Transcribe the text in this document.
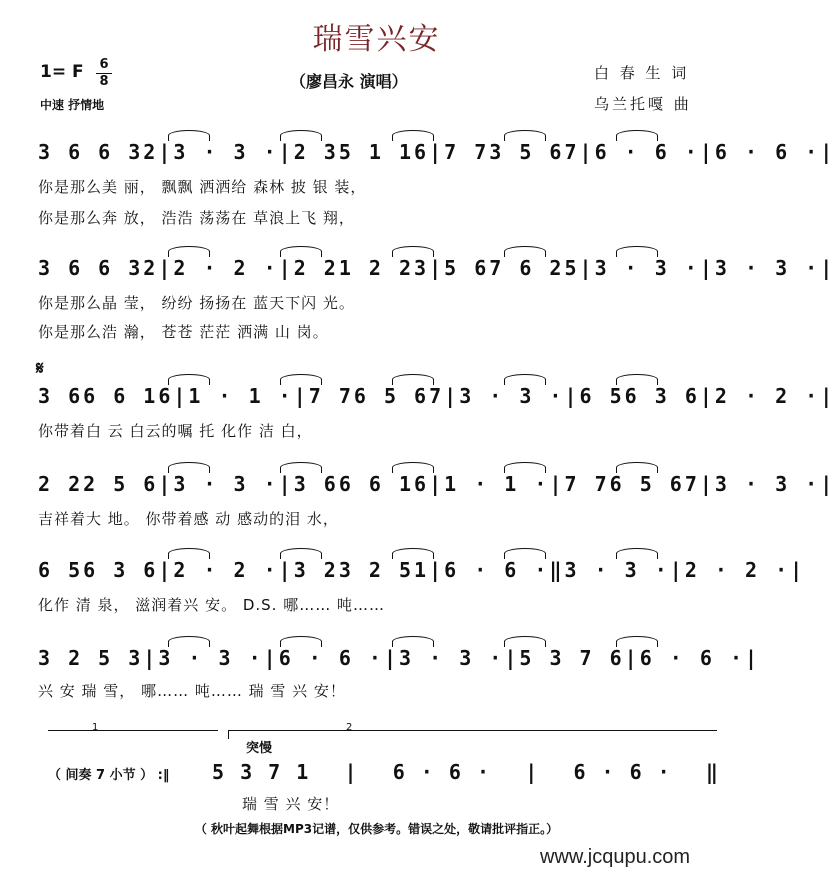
瑞雪兴安
（廖昌永 演唱）
1= F 6
8
中速 抒情地
白 春 生 词
乌兰托嘎 曲
3 6 6 32 | 3 · 3 · | 2 35 1 16 | 7 73 5 67 | 6 · 6 · | 6 · 6 · |
你是那么美 丽， 飘飘 洒洒给 森林 披 银 装，
你是那么奔 放， 浩浩 荡荡在 草浪上飞 翔，
3 6 6 32 | 2 · 2 · | 2 21 2 23 | 5 67 6 25 | 3 · 3 · | 3 · 3 · |
你是那么晶 莹， 纷纷 扬扬在 蓝天下闪 光。
你是那么浩 瀚， 苍苍 茫茫 洒满 山 岗。
3 66 6 16 | 1 · 1 · | 7 76 5 67 | 3 · 3 · | 6 56 3 6 | 2 · 2 · |
你带着白 云 白云的嘱 托 化作 洁 白，
2 22 5 6 | 3 · 3 · | 3 66 6 16 | 1 · 1 · | 7 76 5 67 | 3 · 3 · |
吉祥着大 地。 你带着感 动 感动的泪 水，
6 56 3 6 | 2 · 2 · | 3 23 2 51 | 6 · 6 · ‖ 3 · 3 · | 2 · 2 · |
化作 清 泉， 滋润着兴 安。 D.S. 哪…… 吨……
3 2 5 3 | 3 · 3 · | 6 · 6 · | 3 · 3 · | 5 3 7 6 | 6 · 6 · |
兴 安 瑞 雪， 哪…… 吨…… 瑞 雪 兴 安！
𝄋
1	2
突慢
（ 间奏 7 小节 ） :‖ 5 3 7 1 | 6 · 6 · | 6 · 6 · ‖
瑞 雪 兴 安！
（ 秋叶起舞根据MP3记谱，仅供参考。错误之处，敬请批评指正。）
www.jcqupu.com
